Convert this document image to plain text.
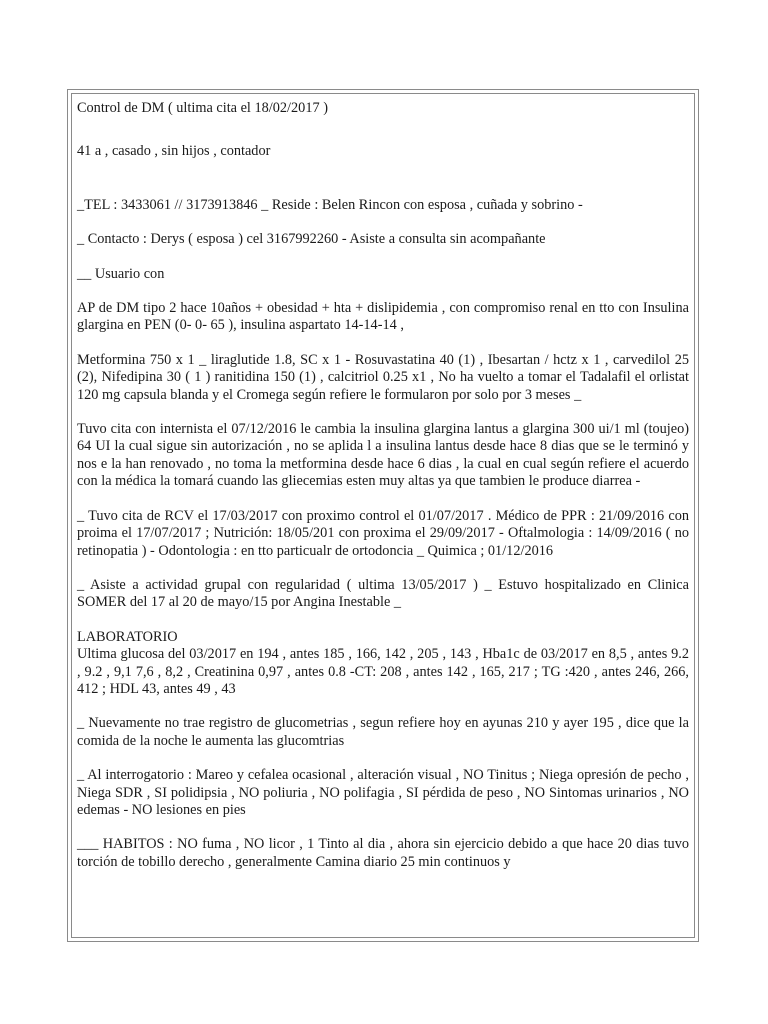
Control de DM ( ultima cita el 18/02/2017 )

41 a , casado , sin hijos , contador

_TEL : 3433061 // 3173913846 _ Reside : Belen Rincon con esposa , cuñada y sobrino -

_ Contacto : Derys ( esposa ) cel 3167992260 - Asiste a consulta sin acompañante

__ Usuario con

AP de DM tipo 2 hace 10años + obesidad + hta + dislipidemia , con compromiso renal en tto con Insulina glargina en PEN (0- 0- 65 ), insulina aspartato 14-14-14 ,

Metformina 750 x 1 _ liraglutide 1.8, SC x 1 - Rosuvastatina 40 (1) , Ibesartan / hctz x 1 , carvedilol 25 (2), Nifedipina 30 ( 1 ) ranitidina 150 (1) , calcitriol 0.25 x1 , No ha vuelto a tomar el Tadalafil el orlistat 120 mg capsula blanda y el Cromega según refiere le formularon por solo por 3 meses _

Tuvo cita con internista el 07/12/2016 le cambia la insulina glargina lantus a glargina 300 ui/1 ml (toujeo) 64 UI la cual sigue sin autorización , no se aplida l a insulina lantus desde hace 8 dias que se le terminó y nos e la han renovado , no toma la metformina desde hace 6 dias , la cual en cual según refiere el acuerdo con la médica la tomará cuando las gliecemias esten muy altas ya que tambien le produce diarrea -

_ Tuvo cita de RCV el 17/03/2017 con proximo control el 01/07/2017 . Médico de PPR : 21/09/2016 con proima el 17/07/2017 ; Nutrición: 18/05/201 con proxima el 29/09/2017 - Oftalmologia : 14/09/2016 ( no retinopatia ) - Odontologia : en tto particualr de ortodoncia _ Quimica ; 01/12/2016

_ Asiste a actividad grupal con regularidad ( ultima 13/05/2017 ) _ Estuvo hospitalizado en Clinica SOMER del 17 al 20 de mayo/15 por Angina Inestable _

LABORATORIO
Ultima glucosa del 03/2017 en 194 , antes 185 , 166, 142 , 205 , 143 , Hba1c de 03/2017 en 8,5 , antes 9.2 , 9.2 , 9,1 7,6 , 8,2 , Creatinina 0,97 , antes 0.8 -CT: 208 , antes 142 , 165, 217 ; TG :420 , antes 246, 266, 412 ; HDL 43, antes 49 , 43

_ Nuevamente no trae registro de glucometrias , segun refiere hoy en ayunas 210 y ayer 195 , dice que la comida de la noche le aumenta las glucomtrias

_ Al interrogatorio : Mareo y cefalea ocasional , alteración visual , NO Tinitus ; Niega opresión de pecho , Niega SDR , SI polidipsia , NO poliuria , NO polifagia , SI pérdida de peso , NO Sintomas urinarios , NO edemas - NO lesiones en pies

___ HABITOS : NO fuma , NO licor , 1 Tinto al dia , ahora sin ejercicio debido a que hace 20 dias tuvo torción de tobillo derecho , generalmente Camina diario 25 min continuos y
